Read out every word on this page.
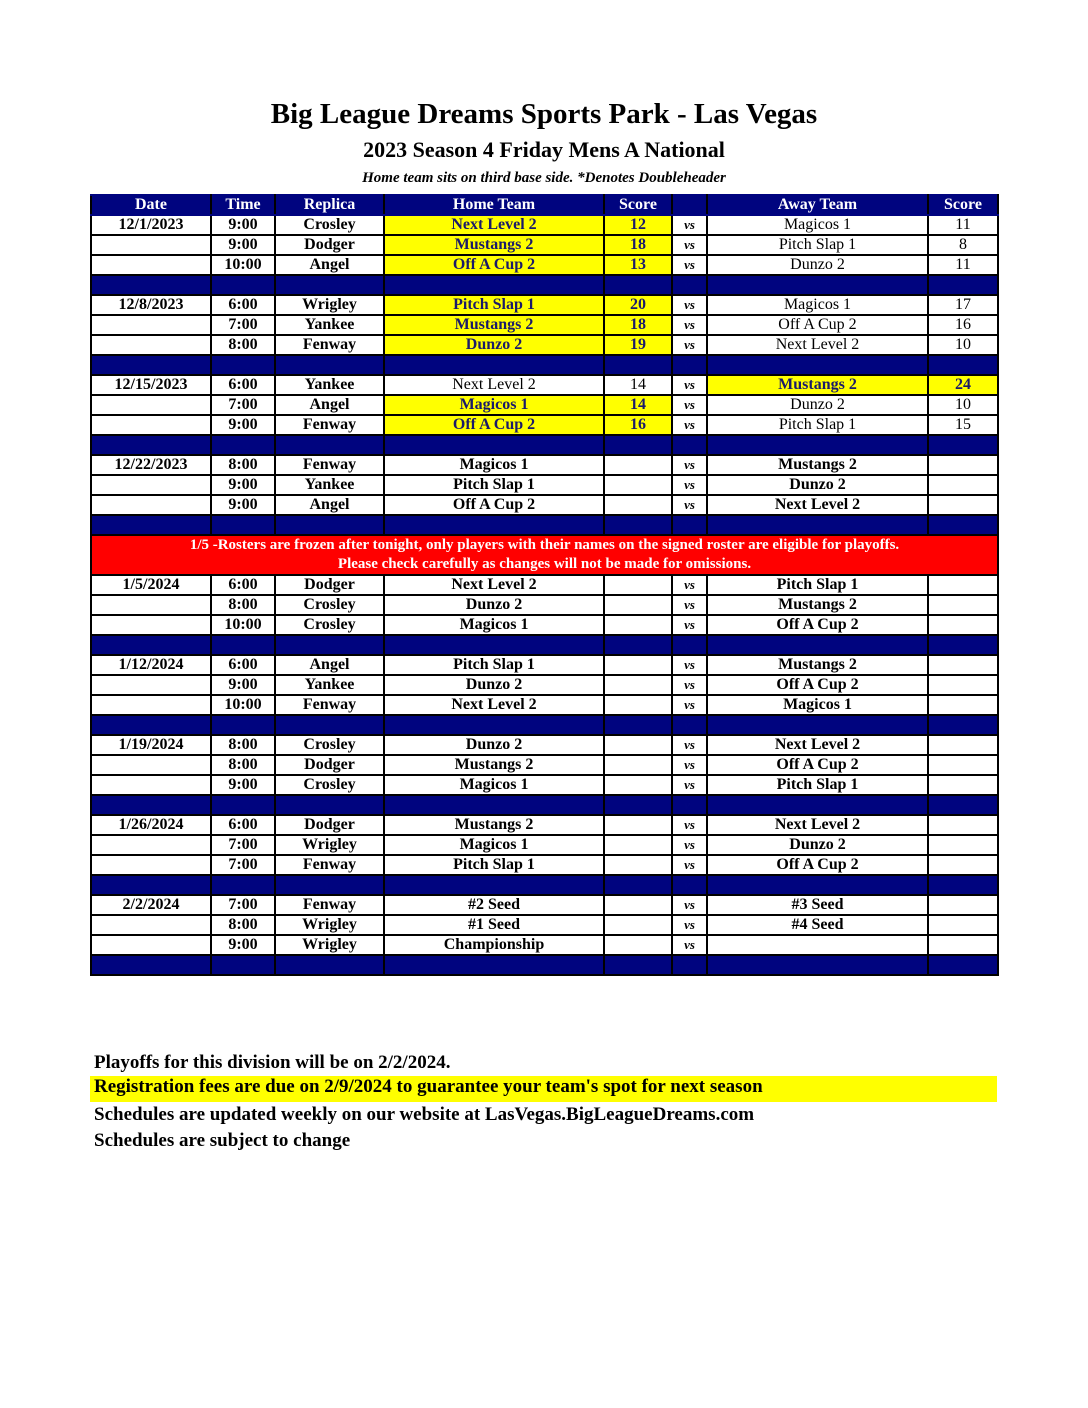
Big League Dreams Sports Park - Las Vegas
2023 Season 4 Friday Mens A National
Home team sits on third base side. *Denotes Doubleheader
Date	Time	Replica	Home Team	Score		Away Team	Score
12/1/2023	9:00	Crosley	Next Level 2	12	vs	Magicos 1	11
	9:00	Dodger	Mustangs 2	18	vs	Pitch Slap 1	8
	10:00	Angel	Off A Cup 2	13	vs	Dunzo 2	11

12/8/2023	6:00	Wrigley	Pitch Slap 1	20	vs	Magicos 1	17
	7:00	Yankee	Mustangs 2	18	vs	Off A Cup 2	16
	8:00	Fenway	Dunzo 2	19	vs	Next Level 2	10

12/15/2023	6:00	Yankee	Next Level 2	14	vs	Mustangs 2	24
	7:00	Angel	Magicos 1	14	vs	Dunzo 2	10
	9:00	Fenway	Off A Cup 2	16	vs	Pitch Slap 1	15

12/22/2023	8:00	Fenway	Magicos 1		vs	Mustangs 2	
	9:00	Yankee	Pitch Slap 1		vs	Dunzo 2	
	9:00	Angel	Off A Cup 2		vs	Next Level 2	

1/5 -Rosters are frozen after tonight, only players with their names on the signed roster are eligible for playoffs.
Please check carefully as changes will not be made for omissions.							

1/5/2024	6:00	Dodger	Next Level 2		vs	Pitch Slap 1	
	8:00	Crosley	Dunzo 2		vs	Mustangs 2	
	10:00	Crosley	Magicos 1		vs	Off A Cup 2	

1/12/2024	6:00	Angel	Pitch Slap 1		vs	Mustangs 2	
	9:00	Yankee	Dunzo 2		vs	Off A Cup 2	
	10:00	Fenway	Next Level 2		vs	Magicos 1	

1/19/2024	8:00	Crosley	Dunzo 2		vs	Next Level 2	
	8:00	Dodger	Mustangs 2		vs	Off A Cup 2	
	9:00	Crosley	Magicos 1		vs	Pitch Slap 1	

1/26/2024	6:00	Dodger	Mustangs 2		vs	Next Level 2	
	7:00	Wrigley	Magicos 1		vs	Dunzo 2	
	7:00	Fenway	Pitch Slap 1		vs	Off A Cup 2	

2/2/2024	7:00	Fenway	#2 Seed		vs	#3 Seed	
	8:00	Wrigley	#1 Seed		vs	#4 Seed	
	9:00	Wrigley	Championship		vs		

Playoffs for this division will be on 2/2/2024.
Registration fees are due on 2/9/2024 to guarantee your team's spot for next season
Schedules are updated weekly on our website at LasVegas.BigLeagueDreams.com
Schedules are subject to change
